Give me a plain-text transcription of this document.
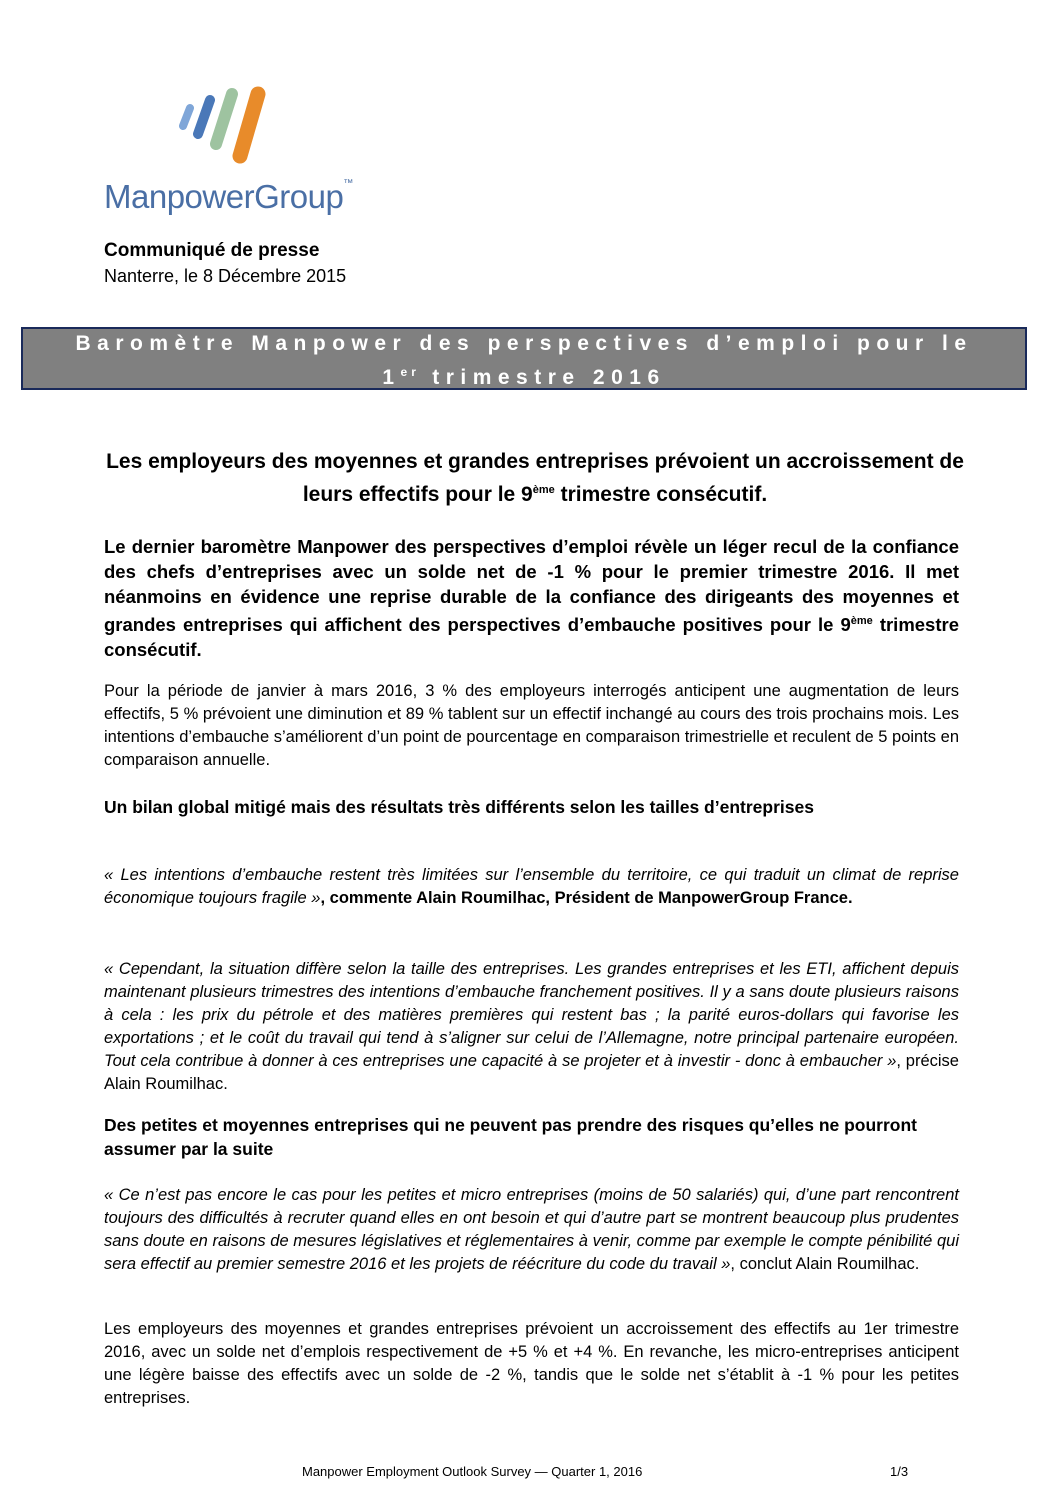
ManpowerGroup™
Communiqué de presse
Nanterre, le 8 Décembre 2015
Baromètre Manpower des perspectives d’emploi pour le
1er trimestre 2016
Les employeurs des moyennes et grandes entreprises prévoient un accroissement de leurs effectifs pour le 9ème trimestre consécutif.
Le dernier baromètre Manpower des perspectives d’emploi révèle un léger recul de la confiance des chefs d’entreprises avec un solde net de -1 % pour le premier trimestre 2016. Il met néanmoins en évidence une reprise durable de la confiance des dirigeants des moyennes et grandes entreprises qui affichent des perspectives d’embauche positives pour le 9ème trimestre consécutif.
Pour la période de janvier à mars 2016, 3 % des employeurs interrogés anticipent une augmentation de leurs effectifs, 5 % prévoient une diminution et 89 % tablent sur un effectif inchangé au cours des trois prochains mois. Les intentions d’embauche s’améliorent d’un point de pourcentage en comparaison trimestrielle et reculent de 5 points en comparaison annuelle.
Un bilan global mitigé mais des résultats très différents selon les tailles d’entreprises
« Les intentions d’embauche restent très limitées sur l’ensemble du territoire, ce qui traduit un climat de reprise économique toujours fragile », commente Alain Roumilhac, Président de ManpowerGroup France.
« Cependant, la situation diffère selon la taille des entreprises. Les grandes entreprises et les ETI, affichent depuis maintenant plusieurs trimestres des intentions d’embauche franchement positives. Il y a sans doute plusieurs raisons à cela : les prix du pétrole et des matières premières qui restent bas ; la parité euros-dollars qui favorise les exportations ; et le coût du travail qui tend à s’aligner sur celui de l’Allemagne, notre principal partenaire européen. Tout cela contribue à donner à ces entreprises une capacité à se projeter et à investir - donc à embaucher », précise Alain Roumilhac.
Des petites et moyennes entreprises qui ne peuvent pas prendre des risques qu’elles ne pourront assumer par la suite
« Ce n’est pas encore le cas pour les petites et micro entreprises (moins de 50 salariés) qui, d’une part rencontrent toujours des difficultés à recruter quand elles en ont besoin et qui d’autre part se montrent beaucoup plus prudentes sans doute en raisons de mesures législatives et réglementaires à venir, comme par exemple le compte pénibilité qui sera effectif au premier semestre 2016 et les projets de réécriture du code du travail », conclut Alain Roumilhac.
Les employeurs des moyennes et grandes entreprises prévoient un accroissement des effectifs au 1er trimestre 2016, avec un solde net d’emplois respectivement de +5 % et +4 %. En revanche, les micro-entreprises anticipent une légère baisse des effectifs avec un solde de -2 %, tandis que le solde net s’établit à -1 % pour les petites entreprises.
Manpower Employment Outlook Survey — Quarter 1, 2016	1/3
